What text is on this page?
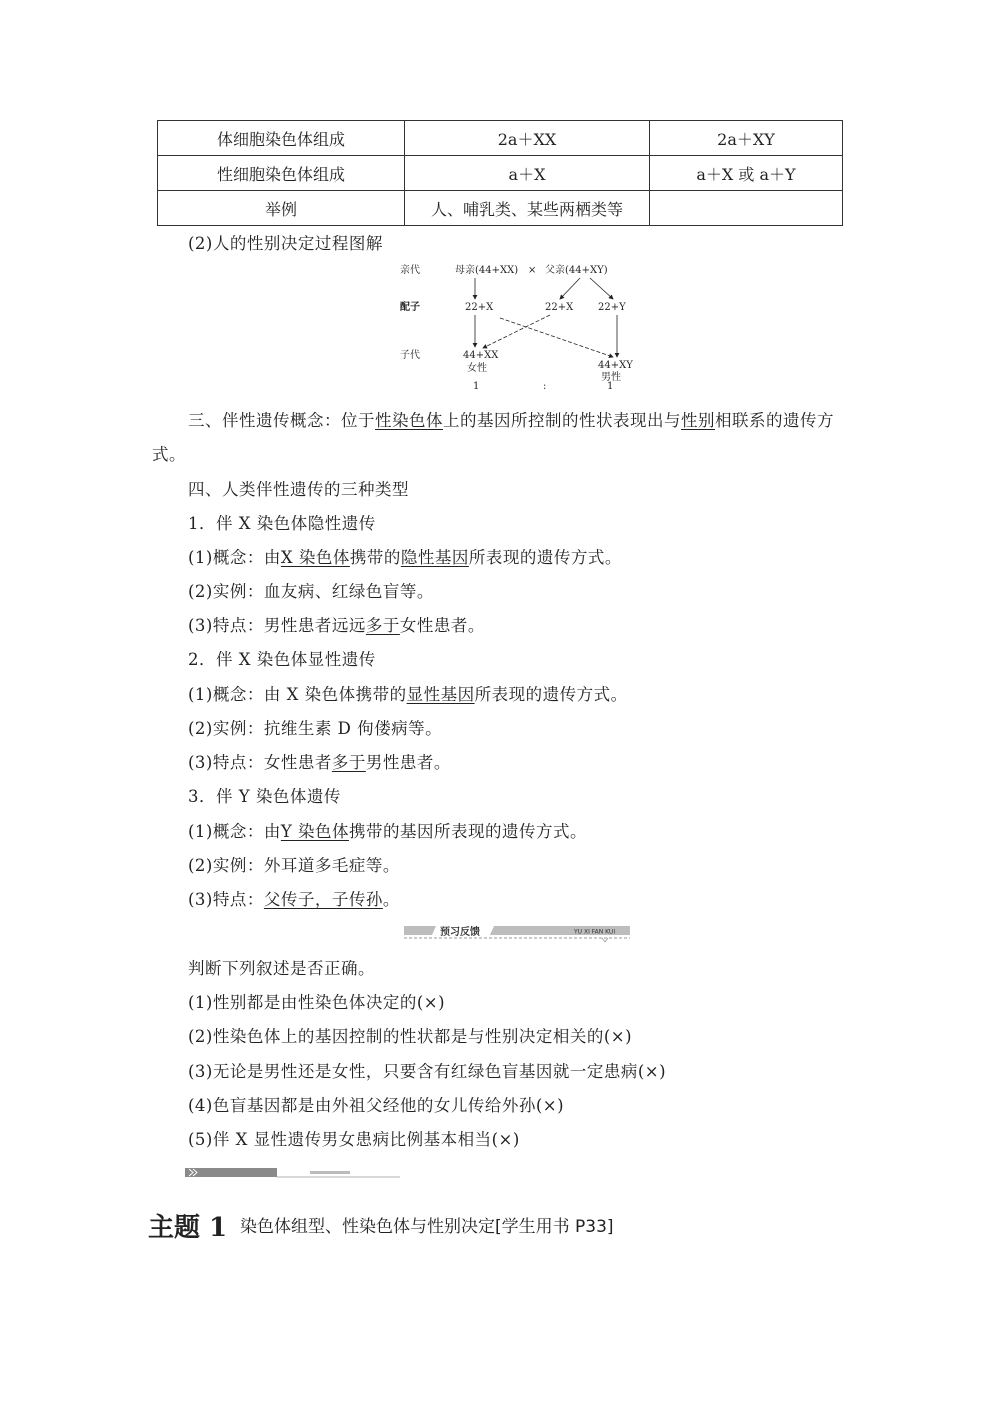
体细胞染色体组成	2a＋XX	2a＋XY
性细胞染色体组成	a＋X	a＋X 或 a＋Y
举例	人、哺乳类、某些两栖类等	
(2)人的性别决定过程图解
亲代
配子
子代
母亲(44+XX) × 父亲(44+XY)
22+X	22+X 22+Y
44+XX
女性	44+XY
男性
1	:	1
三、伴性遗传概念：位于性染色体上的基因所控制的性状表现出与性别相联系的遗传方
式。
四、人类伴性遗传的三种类型
1．伴 X 染色体隐性遗传
(1)概念：由X 染色体携带的隐性基因所表现的遗传方式。
(2)实例：血友病、红绿色盲等。
(3)特点：男性患者远远多于女性患者。
2．伴 X 染色体显性遗传
(1)概念：由 X 染色体携带的显性基因所表现的遗传方式。
(2)实例：抗维生素 D 佝偻病等。
(3)特点：女性患者多于男性患者。
3．伴 Y 染色体遗传
(1)概念：由Y 染色体携带的基因所表现的遗传方式。
(2)实例：外耳道多毛症等。
(3)特点：父传子，子传孙。
预习反馈	YU XI FAN KUI
判断下列叙述是否正确。
(1)性别都是由性染色体决定的(×)
(2)性染色体上的基因控制的性状都是与性别决定相关的(×)
(3)无论是男性还是女性，只要含有红绿色盲基因就一定患病(×)
(4)色盲基因都是由外祖父经他的女儿传给外孙(×)
(5)伴 X 显性遗传男女患病比例基本相当(×)
主题 1 染色体组型、性染色体与性别决定[学生用书 P33]
